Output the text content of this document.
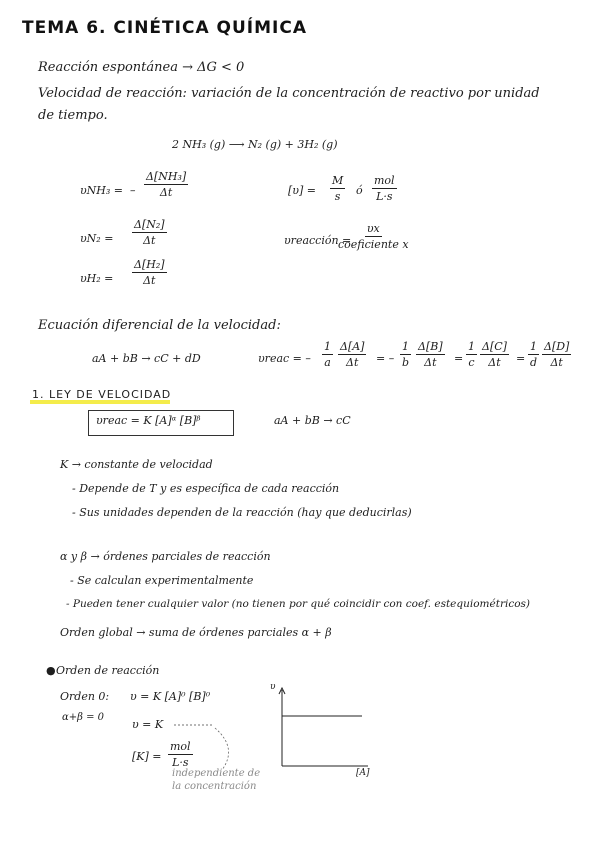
TEMA 6. CINÉTICA QUÍMICA
Reacción espontánea → ΔG < 0
Velocidad de reacción: variación de la concentración de reactivo por unidad
de tiempo.
2 NH₃ (g) ⟶ N₂ (g) + 3H₂ (g)
υNH₃ = – $\frac{\text{Δ[NH₃]}}{\Delta t}$
$\upsilon N_2 = \frac{\text{Δ[N₂]}}{\Delta t}$
$\upsilon H_2 = \frac{\text{Δ[H₂]}}{\Delta t}$
$[\upsilon] = \frac{M}{s}$ ó
mol
L·s
υreacción =
υx
coeficiente x
Ecuación diferencial de la velocidad:
aA + bB → cC + dD	υreac = – $\frac{1}{a} \frac{\Delta[A]}{\Delta t}$ = – $\frac{1}{b} \frac{\Delta[B]}{\Delta t} = \frac{1}{c} \frac{\Delta[C]}{\Delta t} = \frac{1}{d} \frac{\Delta[D]}{\Delta t}$
1. LEY DE VELOCIDAD
υreac = K [A]ᵅ [B]ᵝ	aA + bB → cC
K → constante de velocidad
- Depende de T y es específica de cada reacción
- Sus unidades dependen de la reacción (hay que deducirlas)
α y β → órdenes parciales de reacción
- Se calculan experimentalmente
- Pueden tener cualquier valor (no tienen por qué coincidir con coef. estequiométricos)
Orden global → suma de órdenes parciales α + β
● Orden de reacción
Orden 0: υ = K [A]⁰ [B]⁰
α+β = 0
υ = K
[K] =
mol
L·s
independiente de
la concentración
υ
[A]
